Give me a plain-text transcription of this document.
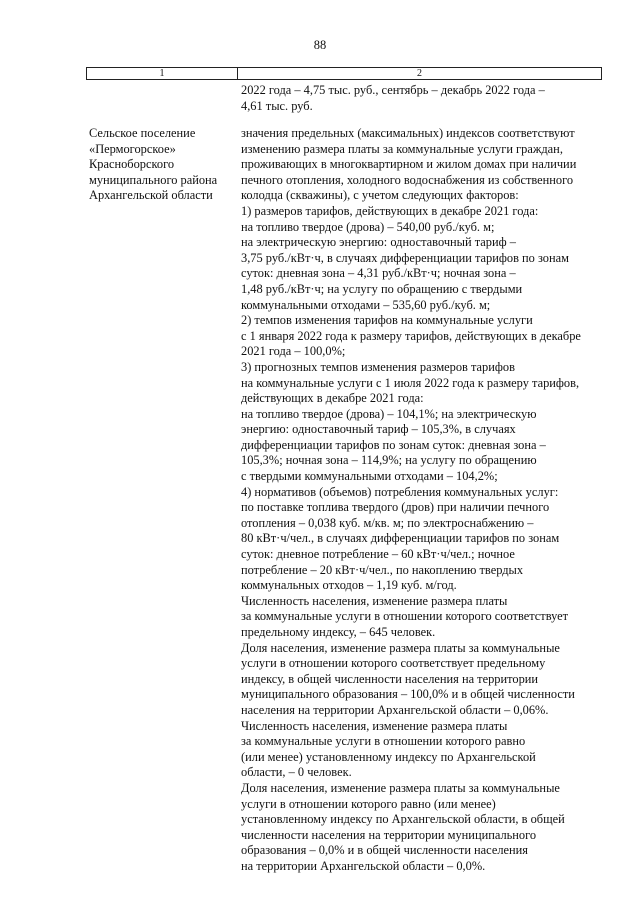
88
1	2
2022 года – 4,75 тыс. руб., сентябрь – декабрь 2022 года –
4,61 тыс. руб.
Сельское поселение
«Пермогорское»
Красноборского
муниципального района
Архангельской области
значения предельных (максимальных) индексов соответствуют
изменению размера платы за коммунальные услуги граждан,
проживающих в многоквартирном и жилом домах при наличии
печного отопления, холодного водоснабжения из собственного
колодца (скважины), с учетом следующих факторов:
1) размеров тарифов, действующих в декабре 2021 года:
на топливо твердое (дрова) – 540,00 руб./куб. м;
на электрическую энергию: одноставочный тариф –
3,75 руб./кВт·ч, в случаях дифференциации тарифов по зонам
суток: дневная зона – 4,31 руб./кВт·ч; ночная зона –
1,48 руб./кВт·ч; на услугу по обращению с твердыми
коммунальными отходами – 535,60 руб./куб. м;
2) темпов изменения тарифов на коммунальные услуги
с 1 января 2022 года к размеру тарифов, действующих в декабре
2021 года – 100,0%;
3) прогнозных темпов изменения размеров тарифов
на коммунальные услуги с 1 июля 2022 года к размеру тарифов,
действующих в декабре 2021 года:
на топливо твердое (дрова) – 104,1%; на электрическую
энергию: одноставочный тариф – 105,3%, в случаях
дифференциации тарифов по зонам суток: дневная зона –
105,3%; ночная зона – 114,9%; на услугу по обращению
с твердыми коммунальными отходами – 104,2%;
4) нормативов (объемов) потребления коммунальных услуг:
по поставке топлива твердого (дров) при наличии печного
отопления – 0,038 куб. м/кв. м; по электроснабжению –
80 кВт·ч/чел., в случаях дифференциации тарифов по зонам
суток: дневное потребление – 60 кВт·ч/чел.; ночное
потребление – 20 кВт·ч/чел., по накоплению твердых
коммунальных отходов – 1,19 куб. м/год.
Численность населения, изменение размера платы
за коммунальные услуги в отношении которого соответствует
предельному индексу, – 645 человек.
Доля населения, изменение размера платы за коммунальные
услуги в отношении которого соответствует предельному
индексу, в общей численности населения на территории
муниципального образования – 100,0% и в общей численности
населения на территории Архангельской области – 0,06%.
Численность населения, изменение размера платы
за коммунальные услуги в отношении которого равно
(или менее) установленному индексу по Архангельской
области, – 0 человек.
Доля населения, изменение размера платы за коммунальные
услуги в отношении которого равно (или менее)
установленному индексу по Архангельской области, в общей
численности населения на территории муниципального
образования – 0,0% и в общей численности населения
на территории Архангельской области – 0,0%.
